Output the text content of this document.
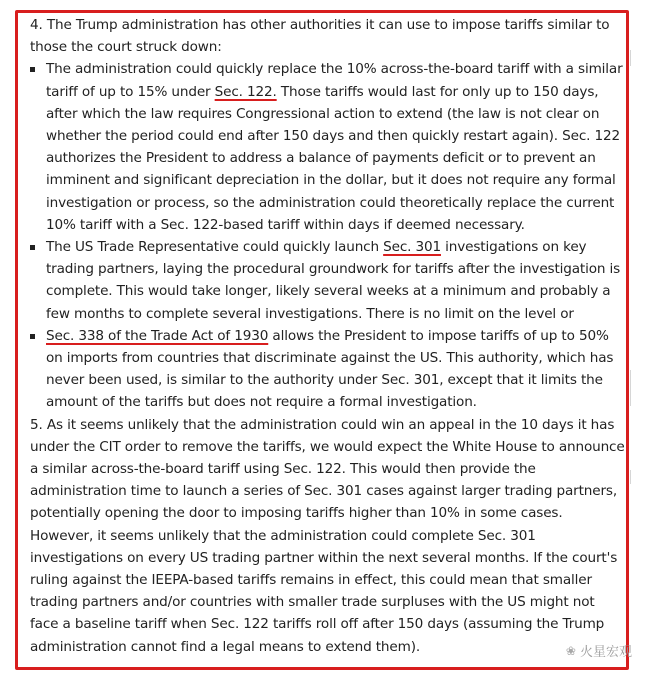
4. The Trump administration has other authorities it can use to impose tariffs similar to those the court struck down:

The administration could quickly replace the 10% across-the-board tariff with a similar tariff of up to 15% under Sec. 122. Those tariffs would last for only up to 150 days, after which the law requires Congressional action to extend (the law is not clear on whether the period could end after 150 days and then quickly restart again). Sec. 122 authorizes the President to address a balance of payments deficit or to prevent an imminent and significant depreciation in the dollar, but it does not require any formal investigation or process, so the administration could theoretically replace the current 10% tariff with a Sec. 122-based tariff within days if deemed necessary.
The US Trade Representative could quickly launch Sec. 301 investigations on key trading partners, laying the procedural groundwork for tariffs after the investigation is complete. This would take longer, likely several weeks at a minimum and probably a few months to complete several investigations. There is no limit on the level or
Sec. 338 of the Trade Act of 1930 allows the President to impose tariffs of up to 50% on imports from countries that discriminate against the US. This authority, which has never been used, is similar to the authority under Sec. 301, except that it limits the amount of the tariffs but does not require a formal investigation.

5. As it seems unlikely that the administration could win an appeal in the 10 days it has under the CIT order to remove the tariffs, we would expect the White House to announce a similar across-the-board tariff using Sec. 122. This would then provide the administration time to launch a series of Sec. 301 cases against larger trading partners, potentially opening the door to imposing tariffs higher than 10% in some cases. However, it seems unlikely that the administration could complete Sec. 301 investigations on every US trading partner within the next several months. If the court's ruling against the IEEPA-based tariffs remains in effect, this could mean that smaller trading partners and/or countries with smaller trade surpluses with the US might not face a baseline tariff when Sec. 122 tariffs roll off after 150 days (assuming the Trump administration cannot find a legal means to extend them).	❀ 火星宏观
